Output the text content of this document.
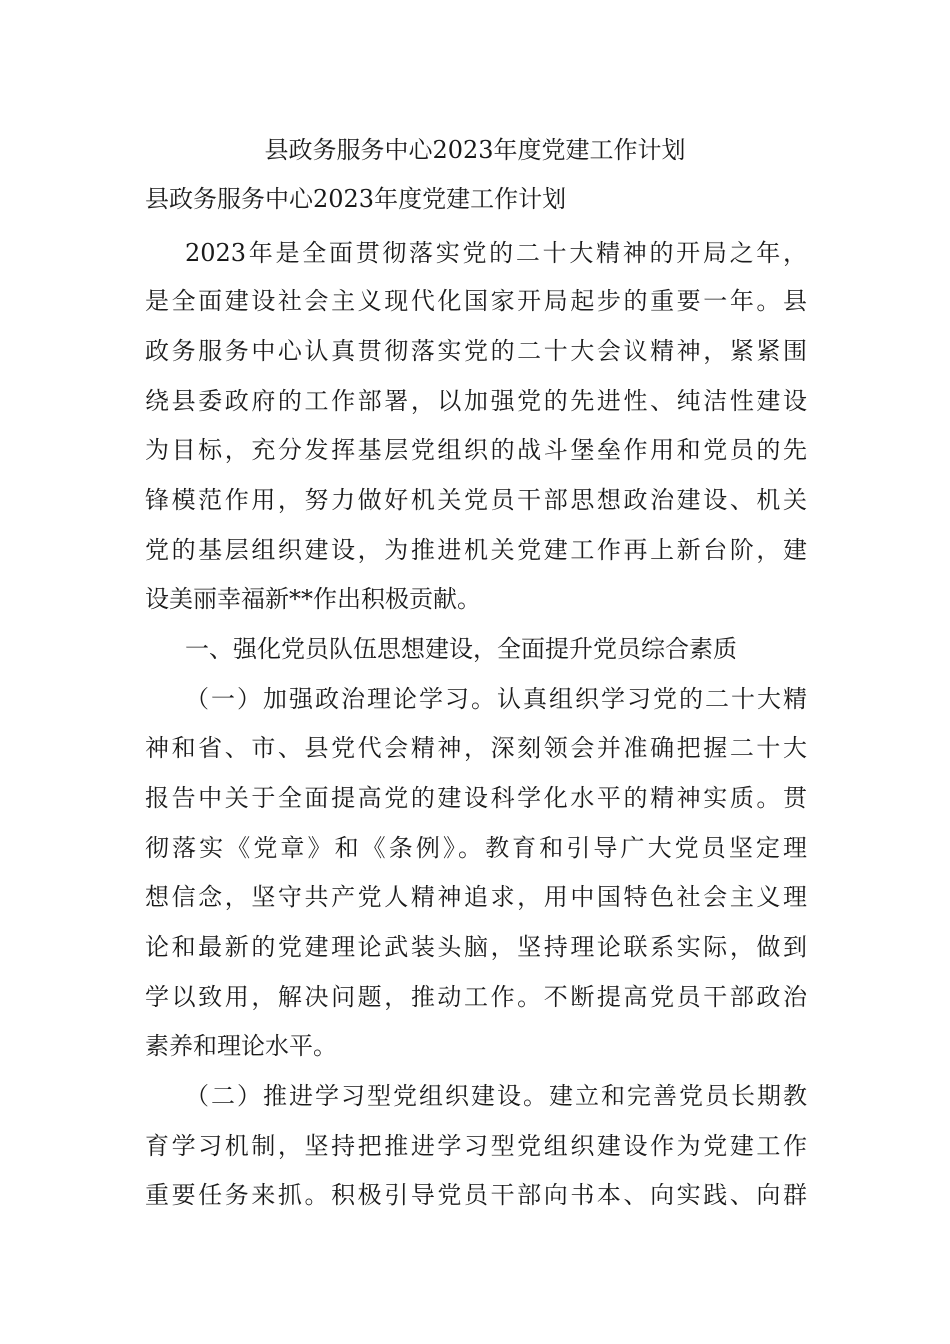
县政务服务中心2023年度党建工作计划
县政务服务中心2023年度党建工作计划
2023年是全面贯彻落实党的二十大精神的开局之年，
是全面建设社会主义现代化国家开局起步的重要一年。县
政务服务中心认真贯彻落实党的二十大会议精神，紧紧围
绕县委政府的工作部署，以加强党的先进性、纯洁性建设
为目标，充分发挥基层党组织的战斗堡垒作用和党员的先
锋模范作用，努力做好机关党员干部思想政治建设、机关
党的基层组织建设，为推进机关党建工作再上新台阶，建
设美丽幸福新**作出积极贡献。
一、强化党员队伍思想建设，全面提升党员综合素质
（一）加强政治理论学习。认真组织学习党的二十大精
神和省、市、县党代会精神，深刻领会并准确把握二十大
报告中关于全面提高党的建设科学化水平的精神实质。贯
彻落实《党章》和《条例》。教育和引导广大党员坚定理
想信念，坚守共产党人精神追求，用中国特色社会主义理
论和最新的党建理论武装头脑，坚持理论联系实际，做到
学以致用，解决问题，推动工作。不断提高党员干部政治
素养和理论水平。
（二）推进学习型党组织建设。建立和完善党员长期教
育学习机制，坚持把推进学习型党组织建设作为党建工作
重要任务来抓。积极引导党员干部向书本、向实践、向群
